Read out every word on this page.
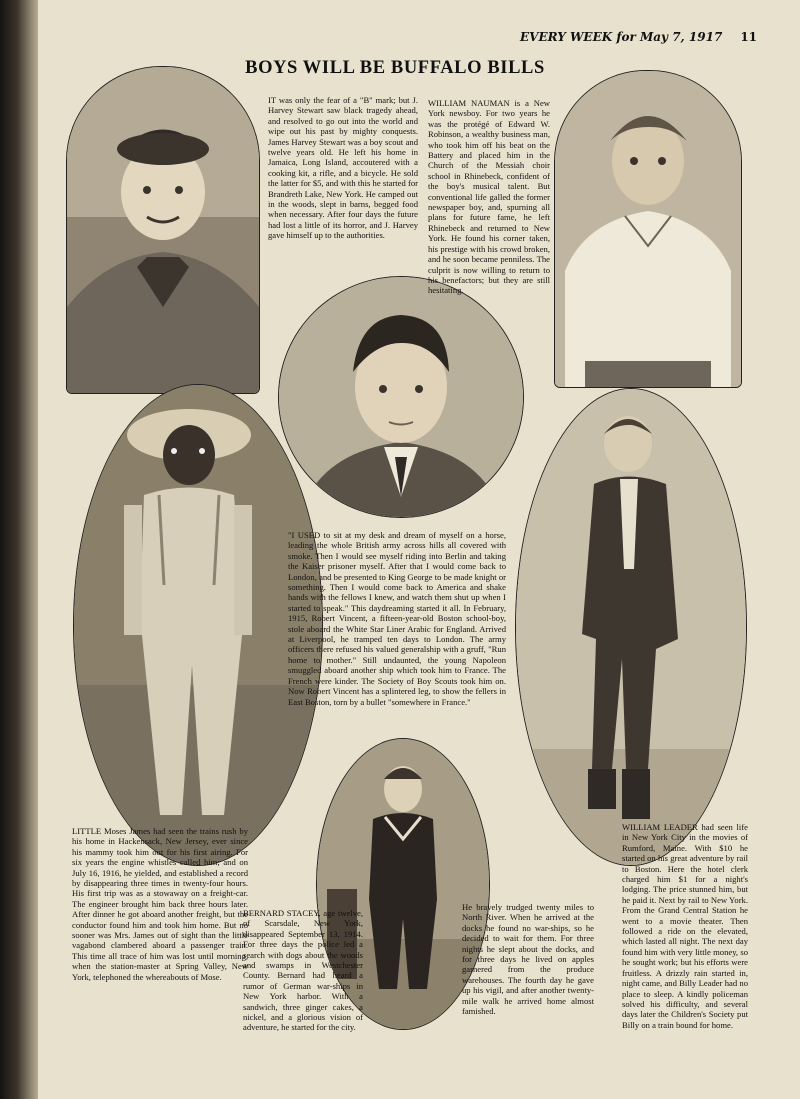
EVERY WEEK for May 7, 1917 11
BOYS WILL BE BUFFALO BILLS
IT was only the fear of a "B" mark; but J. Harvey Stewart saw black tragedy ahead, and resolved to go out into the world and wipe out his past by mighty conquests. James Harvey Stewart was a boy scout and twelve years old. He left his home in Jamaica, Long Island, accoutered with a cooking kit, a rifle, and a bicycle. He sold the latter for $5, and with this he started for Brandreth Lake, New York. He camped out in the woods, slept in barns, begged food when necessary. After four days the future had lost a little of its horror, and J. Harvey gave himself up to the authorities.
WILLIAM NAUMAN is a New York newsboy. For two years he was the protégé of Edward W. Robinson, a wealthy business man, who took him off his beat on the Battery and placed him in the Church of the Messiah choir school in Rhinebeck, confident of the boy's musical talent. But conventional life galled the former newspaper boy, and, spurning all plans for future fame, he left Rhinebeck and returned to New York. He found his corner taken, his prestige with his crowd broken, and he soon became penniless. The culprit is now willing to return to his benefactors; but they are still hesitating.
"I USED to sit at my desk and dream of myself on a horse, leading the whole British army across hills all covered with smoke. Then I would see myself riding into Berlin and taking the Kaiser prisoner myself. After that I would come back to London, and be presented to King George to be made knight or something. Then I would come back to America and shake hands with the fellows I knew, and watch them shut up when I started to speak." This daydreaming started it all. In February, 1915, Robert Vincent, a fifteen-year-old Boston school-boy, stole aboard the White Star Liner Arabic for England. Arrived at Liverpool, he tramped ten days to London. The army officers there refused his valued generalship with a gruff, "Run home to mother." Still undaunted, the young Napoleon smuggled aboard another ship which took him to France. The French were kinder. The Society of Boy Scouts took him on. Now Robert Vincent has a splintered leg, to show the fellers in East Boston, torn by a bullet "somewhere in France."
LITTLE Moses James had seen the trains rush by his home in Hackensack, New Jersey, ever since his mammy took him out for his first airing. For six years the engine whistles called him; and on July 16, 1916, he yielded, and established a record by disappearing three times in twenty-four hours. His first trip was as a stowaway on a freight-car. The engineer brought him back three hours later. After dinner he got aboard another freight, but the conductor found him and took him home. But no sooner was Mrs. James out of sight than the little vagabond clambered aboard a passenger train. This time all trace of him was lost until morning, when the station-master at Spring Valley, New York, telephoned the whereabouts of Mose.
BERNARD STACEY, age twelve, of Scarsdale, New York, disappeared September 13, 1914. For three days the police led a search with dogs about the woods and swamps in Westchester County. Bernard had heard a rumor of German war-ships in New York harbor. With a sandwich, three ginger cakes, a nickel, and a glorious vision of adventure, he started for the city.
He bravely trudged twenty miles to North River. When he arrived at the docks he found no war-ships, so he decided to wait for them. For three nights he slept about the docks, and for three days he lived on apples garnered from the produce warehouses. The fourth day he gave up his vigil, and after another twenty-mile walk he arrived home almost famished.
WILLIAM LEADER had seen life in New York City in the movies of Rumford, Maine. With $10 he started on his great adventure by rail to Boston. Here the hotel clerk charged him $1 for a night's lodging. The price stunned him, but he paid it. Next by rail to New York. From the Grand Central Station he went to a movie theater. Then followed a ride on the elevated, which lasted all night. The next day found him with very little money, so he sought work; but his efforts were fruitless. A drizzly rain started in, night came, and Billy Leader had no place to sleep. A kindly policeman solved his difficulty, and several days later the Children's Society put Billy on a train bound for home.
